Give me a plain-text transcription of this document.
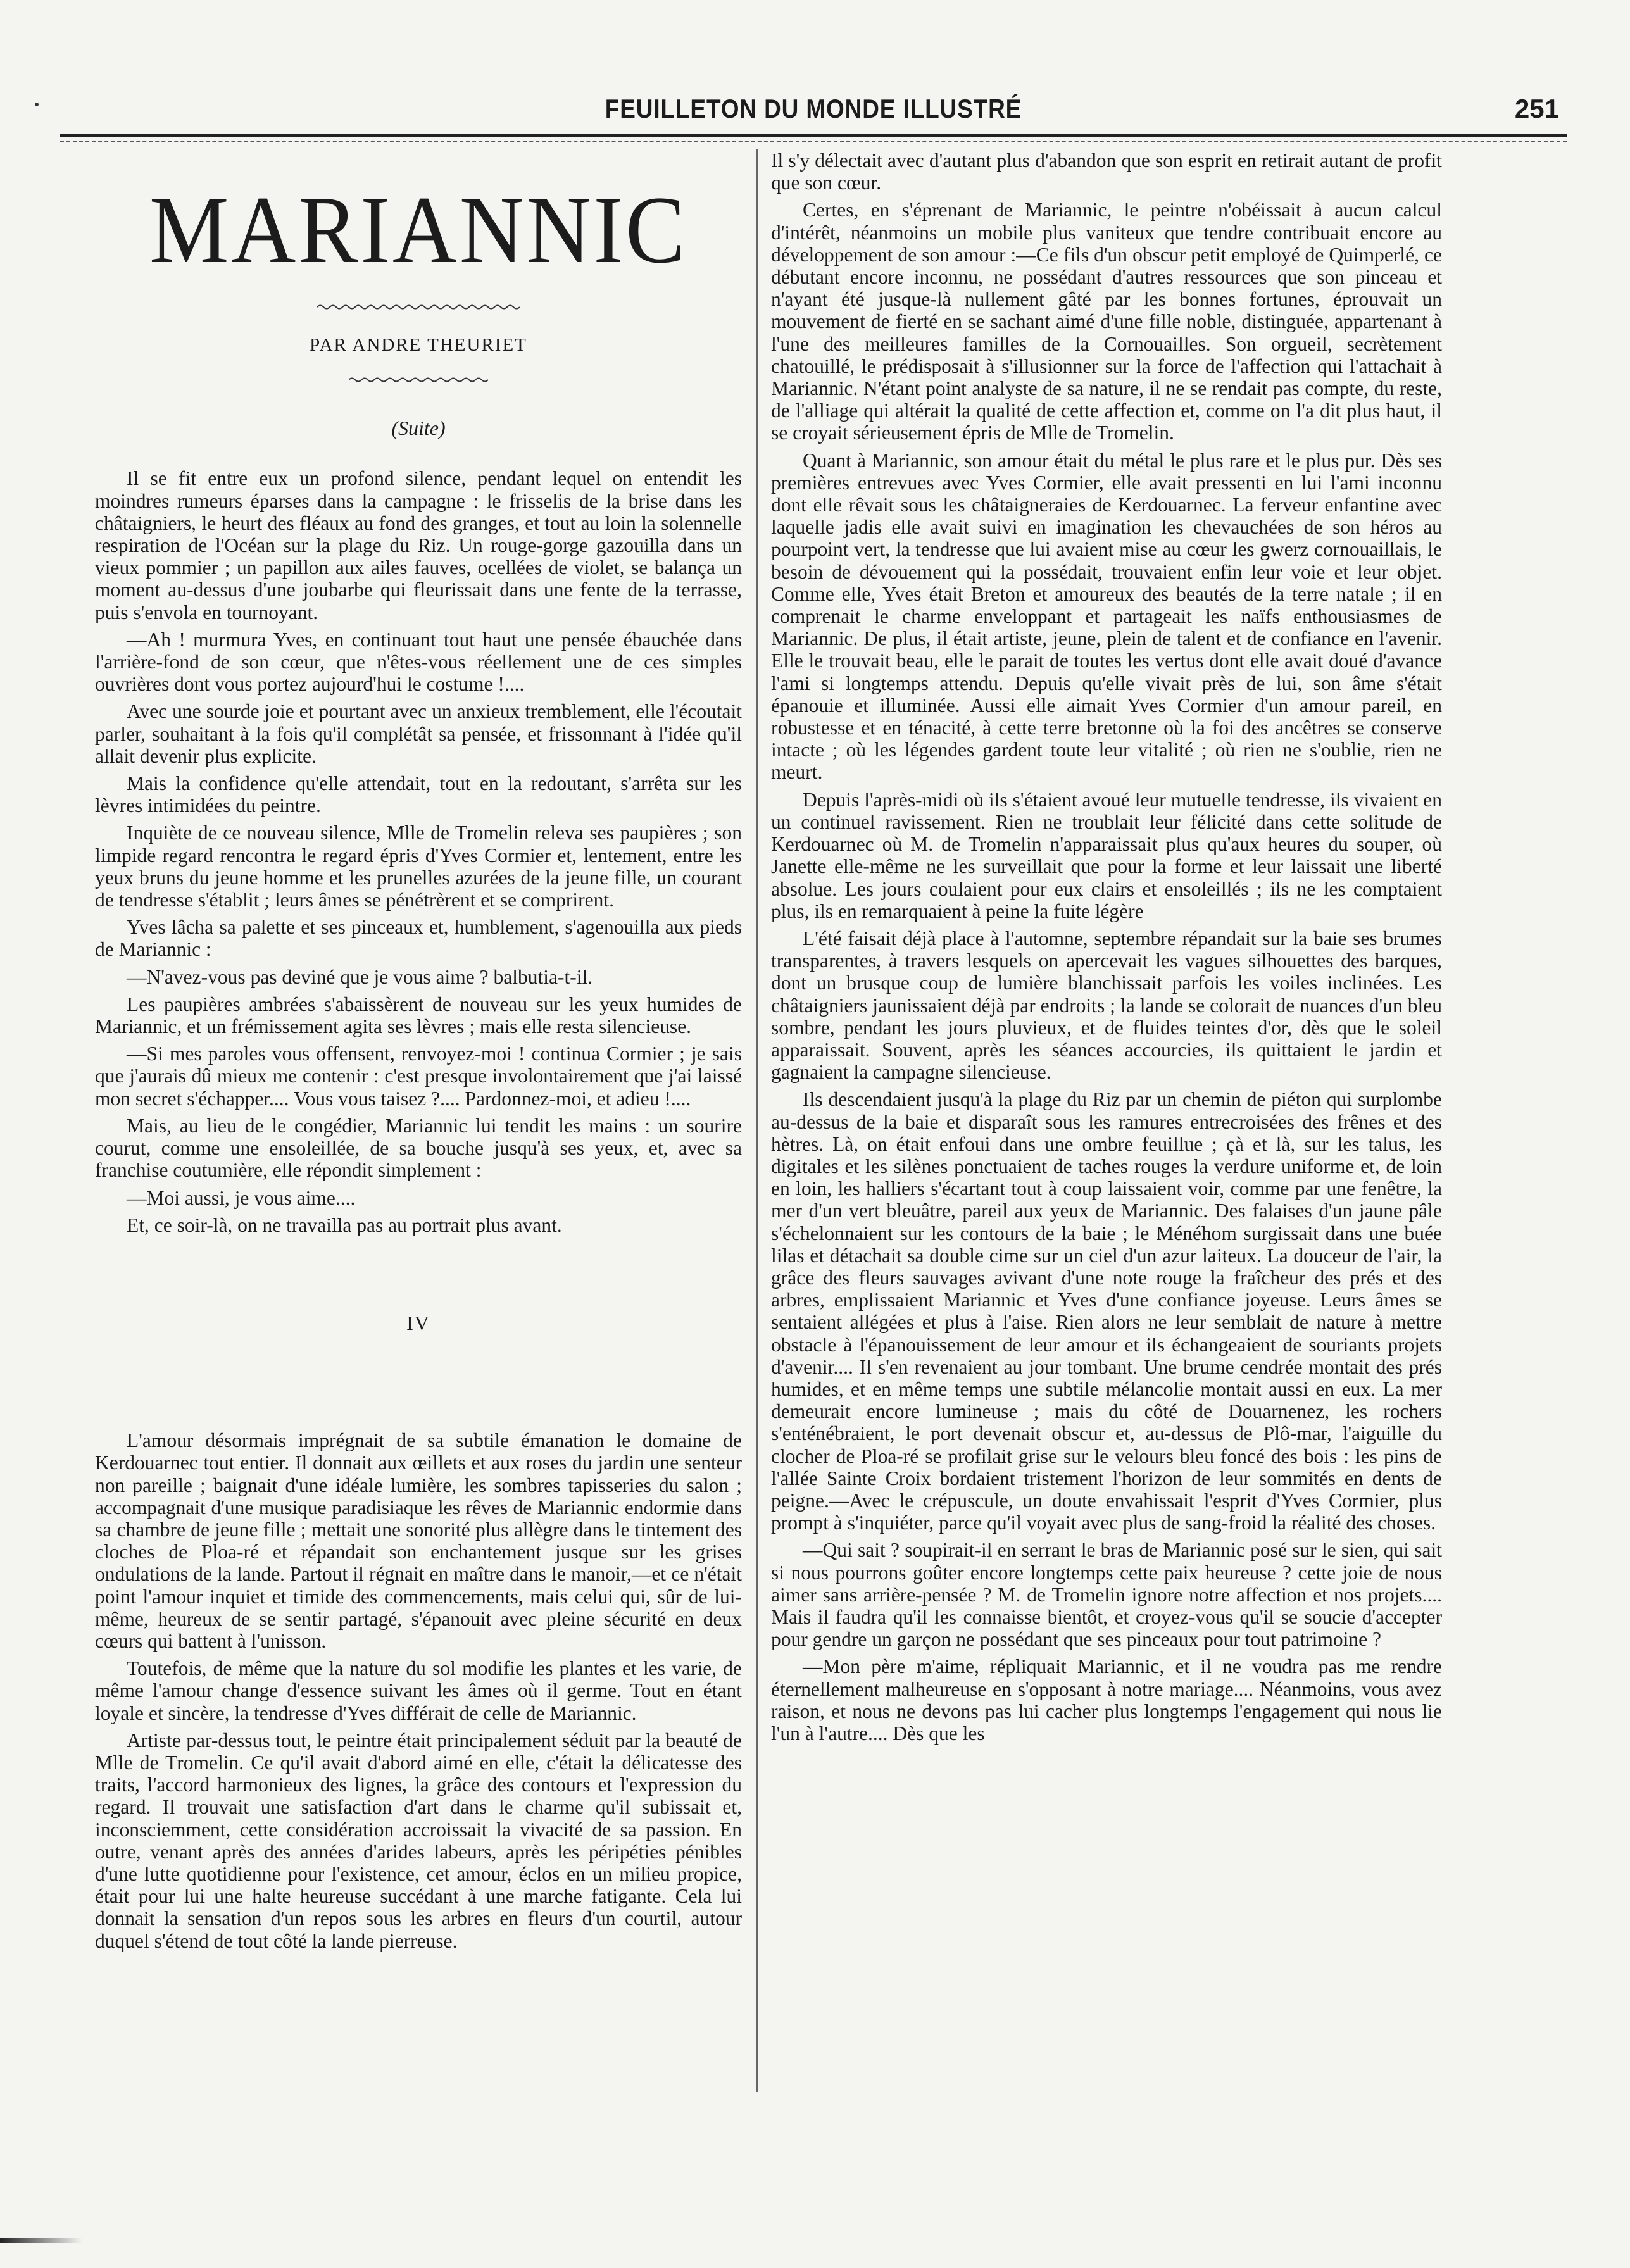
FEUILLETON DU MONDE ILLUSTRÉ	251
MARIANNIC
PAR ANDRE THEURIET
(Suite)

Il se fit entre eux un profond silence, pendant lequel on entendit les moindres rumeurs éparses dans la campagne : le frisselis de la brise dans les châtaigniers, le heurt des fléaux au fond des granges, et tout au loin la solennelle respiration de l'Océan sur la plage du Riz. Un rouge-gorge gazouilla dans un vieux pommier ; un papillon aux ailes fauves, ocellées de violet, se balança un moment au-dessus d'une joubarbe qui fleurissait dans une fente de la terrasse, puis s'envola en tournoyant.

—Ah ! murmura Yves, en continuant tout haut une pensée ébauchée dans l'arrière-fond de son cœur, que n'êtes-vous réellement une de ces simples ouvrières dont vous portez aujourd'hui le costume !....

Avec une sourde joie et pourtant avec un anxieux tremblement, elle l'écoutait parler, souhaitant à la fois qu'il complétât sa pensée, et frissonnant à l'idée qu'il allait devenir plus explicite.

Mais la confidence qu'elle attendait, tout en la redoutant, s'arrêta sur les lèvres intimidées du peintre.

Inquiète de ce nouveau silence, Mlle de Tromelin releva ses paupières ; son limpide regard rencontra le regard épris d'Yves Cormier et, lentement, entre les yeux bruns du jeune homme et les prunelles azurées de la jeune fille, un courant de tendresse s'établit ; leurs âmes se pénétrèrent et se comprirent.

Yves lâcha sa palette et ses pinceaux et, humblement, s'agenouilla aux pieds de Mariannic :

—N'avez-vous pas deviné que je vous aime ? balbutia-t-il.

Les paupières ambrées s'abaissèrent de nouveau sur les yeux humides de Mariannic, et un frémissement agita ses lèvres ; mais elle resta silencieuse.

—Si mes paroles vous offensent, renvoyez-moi ! continua Cormier ; je sais que j'aurais dû mieux me contenir : c'est presque involontairement que j'ai laissé mon secret s'échapper.... Vous vous taisez ?.... Pardonnez-moi, et adieu !....

Mais, au lieu de le congédier, Mariannic lui tendit les mains : un sourire courut, comme une ensoleillée, de sa bouche jusqu'à ses yeux, et, avec sa franchise coutumière, elle répondit simplement :

—Moi aussi, je vous aime....

Et, ce soir-là, on ne travailla pas au portrait plus avant.

IV

L'amour désormais imprégnait de sa subtile émanation le domaine de Kerdouarnec tout entier. Il donnait aux œillets et aux roses du jardin une senteur non pareille ; baignait d'une idéale lumière, les sombres tapisseries du salon ; accompagnait d'une musique paradisiaque les rêves de Mariannic endormie dans sa chambre de jeune fille ; mettait une sonorité plus allègre dans le tintement des cloches de Ploa-ré et répandait son enchantement jusque sur les grises ondulations de la lande. Partout il régnait en maître dans le manoir,—et ce n'était point l'amour inquiet et timide des commencements, mais celui qui, sûr de lui-même, heureux de se sentir partagé, s'épanouit avec pleine sécurité en deux cœurs qui battent à l'unisson.

Toutefois, de même que la nature du sol modifie les plantes et les varie, de même l'amour change d'essence suivant les âmes où il germe. Tout en étant loyale et sincère, la tendresse d'Yves différait de celle de Mariannic.

Artiste par-dessus tout, le peintre était principalement séduit par la beauté de Mlle de Tromelin. Ce qu'il avait d'abord aimé en elle, c'était la délicatesse des traits, l'accord harmonieux des lignes, la grâce des contours et l'expression du regard. Il trouvait une satisfaction d'art dans le charme qu'il subissait et, inconsciemment, cette considération accroissait la vivacité de sa passion. En outre, venant après des années d'arides labeurs, après les péripéties pénibles d'une lutte quotidienne pour l'existence, cet amour, éclos en un milieu propice, était pour lui une halte heureuse succédant à une marche fatigante. Cela lui donnait la sensation d'un repos sous les arbres en fleurs d'un courtil, autour duquel s'étend de tout côté la lande pierreuse.

Il s'y délectait avec d'autant plus d'abandon que son esprit en retirait autant de profit que son cœur.

Certes, en s'éprenant de Mariannic, le peintre n'obéissait à aucun calcul d'intérêt, néanmoins un mobile plus vaniteux que tendre contribuait encore au développement de son amour :—Ce fils d'un obscur petit employé de Quimperlé, ce débutant encore inconnu, ne possédant d'autres ressources que son pinceau et n'ayant été jusque-là nullement gâté par les bonnes fortunes, éprouvait un mouvement de fierté en se sachant aimé d'une fille noble, distinguée, appartenant à l'une des meilleures familles de la Cornouailles. Son orgueil, secrètement chatouillé, le prédisposait à s'illusionner sur la force de l'affection qui l'attachait à Mariannic. N'étant point analyste de sa nature, il ne se rendait pas compte, du reste, de l'alliage qui altérait la qualité de cette affection et, comme on l'a dit plus haut, il se croyait sérieusement épris de Mlle de Tromelin.

Quant à Mariannic, son amour était du métal le plus rare et le plus pur. Dès ses premières entrevues avec Yves Cormier, elle avait pressenti en lui l'ami inconnu dont elle rêvait sous les châtaigneraies de Kerdouarnec. La ferveur enfantine avec laquelle jadis elle avait suivi en imagination les chevauchées de son héros au pourpoint vert, la tendresse que lui avaient mise au cœur les gwerz cornouaillais, le besoin de dévouement qui la possédait, trouvaient enfin leur voie et leur objet. Comme elle, Yves était Breton et amoureux des beautés de la terre natale ; il en comprenait le charme enveloppant et partageait les naïfs enthousiasmes de Mariannic. De plus, il était artiste, jeune, plein de talent et de confiance en l'avenir. Elle le trouvait beau, elle le parait de toutes les vertus dont elle avait doué d'avance l'ami si longtemps attendu. Depuis qu'elle vivait près de lui, son âme s'était épanouie et illuminée. Aussi elle aimait Yves Cormier d'un amour pareil, en robustesse et en ténacité, à cette terre bretonne où la foi des ancêtres se conserve intacte ; où les légendes gardent toute leur vitalité ; où rien ne s'oublie, rien ne meurt.

Depuis l'après-midi où ils s'étaient avoué leur mutuelle tendresse, ils vivaient en un continuel ravissement. Rien ne troublait leur félicité dans cette solitude de Kerdouarnec où M. de Tromelin n'apparaissait plus qu'aux heures du souper, où Janette elle-même ne les surveillait que pour la forme et leur laissait une liberté absolue. Les jours coulaient pour eux clairs et ensoleillés ; ils ne les comptaient plus, ils en remarquaient à peine la fuite légère

L'été faisait déjà place à l'automne, septembre répandait sur la baie ses brumes transparentes, à travers lesquels on apercevait les vagues silhouettes des barques, dont un brusque coup de lumière blanchissait parfois les voiles inclinées. Les châtaigniers jaunissaient déjà par endroits ; la lande se colorait de nuances d'un bleu sombre, pendant les jours pluvieux, et de fluides teintes d'or, dès que le soleil apparaissait. Souvent, après les séances accourcies, ils quittaient le jardin et gagnaient la campagne silencieuse.

Ils descendaient jusqu'à la plage du Riz par un chemin de piéton qui surplombe au-dessus de la baie et disparaît sous les ramures entrecroisées des frênes et des hètres. Là, on était enfoui dans une ombre feuillue ; çà et là, sur les talus, les digitales et les silènes ponctuaient de taches rouges la verdure uniforme et, de loin en loin, les halliers s'écartant tout à coup laissaient voir, comme par une fenêtre, la mer d'un vert bleuâtre, pareil aux yeux de Mariannic. Des falaises d'un jaune pâle s'échelonnaient sur les contours de la baie ; le Ménéhom surgissait dans une buée lilas et détachait sa double cime sur un ciel d'un azur laiteux. La douceur de l'air, la grâce des fleurs sauvages avivant d'une note rouge la fraîcheur des prés et des arbres, emplissaient Mariannic et Yves d'une confiance joyeuse. Leurs âmes se sentaient allégées et plus à l'aise. Rien alors ne leur semblait de nature à mettre obstacle à l'épanouissement de leur amour et ils échangeaient de souriants projets d'avenir.... Il s'en revenaient au jour tombant. Une brume cendrée montait des prés humides, et en même temps une subtile mélancolie montait aussi en eux. La mer demeurait encore lumineuse ; mais du côté de Douarnenez, les rochers s'enténébraient, le port devenait obscur et, au-dessus de Plô-mar, l'aiguille du clocher de Ploa-ré se profilait grise sur le velours bleu foncé des bois : les pins de l'allée Sainte Croix bordaient tristement l'horizon de leur sommités en dents de peigne.—Avec le crépuscule, un doute envahissait l'esprit d'Yves Cormier, plus prompt à s'inquiéter, parce qu'il voyait avec plus de sang-froid la réalité des choses.

—Qui sait ? soupirait-il en serrant le bras de Mariannic posé sur le sien, qui sait si nous pourrons goûter encore longtemps cette paix heureuse ? cette joie de nous aimer sans arrière-pensée ? M. de Tromelin ignore notre affection et nos projets.... Mais il faudra qu'il les connaisse bientôt, et croyez-vous qu'il se soucie d'accepter pour gendre un garçon ne possédant que ses pinceaux pour tout patrimoine ?

—Mon père m'aime, répliquait Mariannic, et il ne voudra pas me rendre éternellement malheureuse en s'opposant à notre mariage.... Néanmoins, vous avez raison, et nous ne devons pas lui cacher plus longtemps l'engagement qui nous lie l'un à l'autre.... Dès que les
